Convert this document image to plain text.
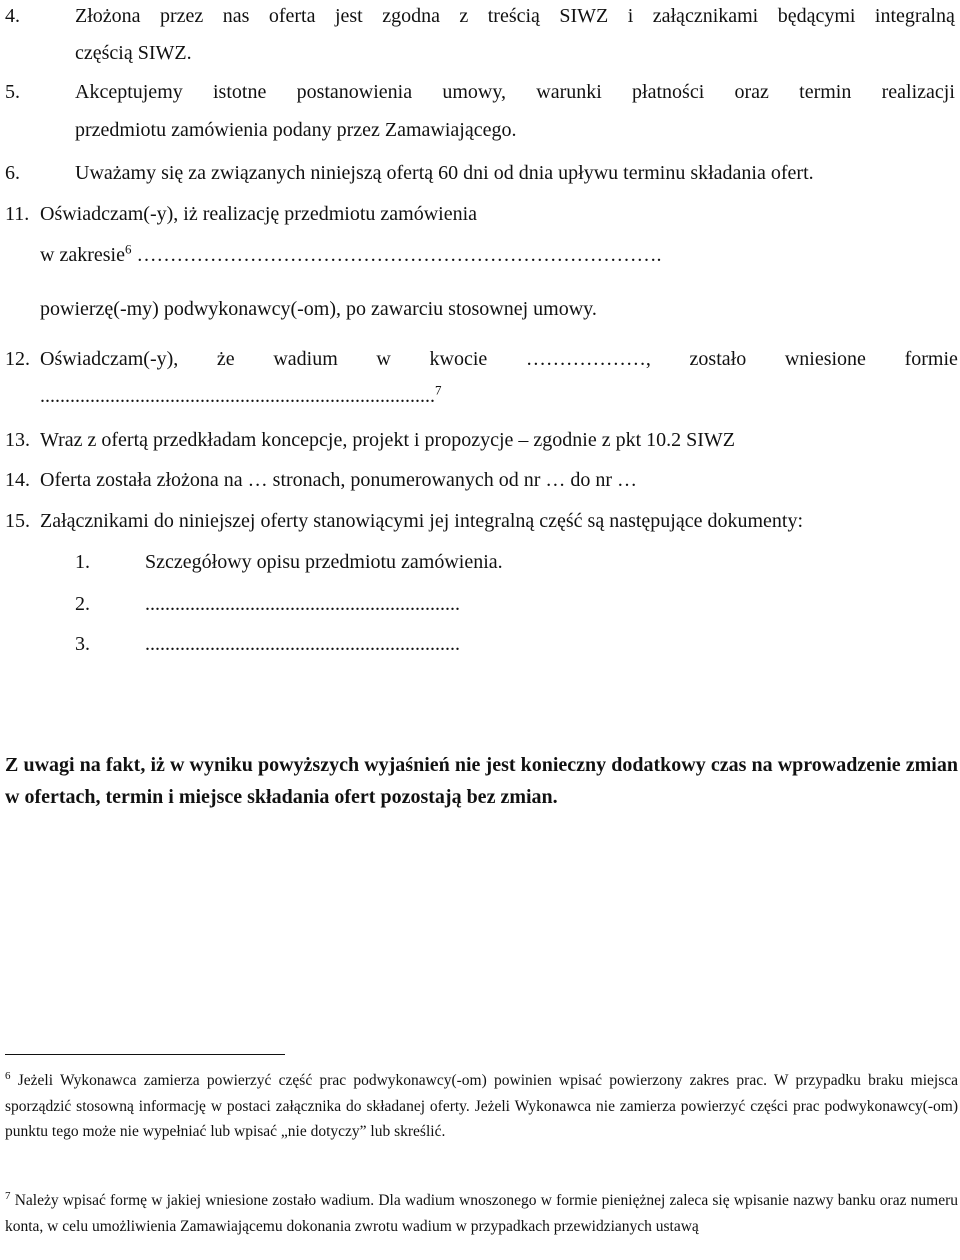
4.	Złożona przez nas oferta jest zgodna z treścią SIWZ i załącznikami będącymi integralną
częścią SIWZ.
5.	Akceptujemy istotne postanowienia umowy, warunki płatności oraz termin realizacji
przedmiotu zamówienia podany przez Zamawiającego.
6.	Uważamy się za związanych niniejszą ofertą 60 dni od dnia upływu terminu składania ofert.
11. Oświadczam(-y), iż realizację przedmiotu zamówienia
w zakresie$^6$ …………………………………………………………………….
powierzę(-my) podwykonawcy(-om), po zawarciu stosownej umowy.
12. Oświadczam(-y), że wadium w kwocie ………………, zostało wniesione formie
...............................................................................$^7$
13. Wraz z ofertą przedkładam koncepcje, projekt i propozycje – zgodnie z pkt 10.2 SIWZ
14. Oferta została złożona na … stronach, ponumerowanych od nr … do nr …
15. Załącznikami do niniejszej oferty stanowiącymi jej integralną część są następujące dokumenty:
1.	Szczegółowy opisu przedmiotu zamówienia.
2.	...............................................................
3.	...............................................................
Z uwagi na fakt, iż w wyniku powyższych wyjaśnień nie jest konieczny dodatkowy czas na wprowadzenie zmian w ofertach, termin i miejsce składania ofert pozostają bez zmian.
$^6$ Jeżeli Wykonawca zamierza powierzyć część prac podwykonawcy(-om) powinien wpisać powierzony zakres prac. W przypadku braku miejsca sporządzić stosowną informację w postaci załącznika do składanej oferty. Jeżeli Wykonawca nie zamierza powierzyć części prac podwykonawcy(-om) punktu tego może nie wypełniać lub wpisać „nie dotyczy” lub skreślić.
$^7$ Należy wpisać formę w jakiej wniesione zostało wadium. Dla wadium wnoszonego w formie pieniężnej zaleca się wpisanie nazwy banku oraz numeru konta, w celu umożliwienia Zamawiającemu dokonania zwrotu wadium w przypadkach przewidzianych ustawą
